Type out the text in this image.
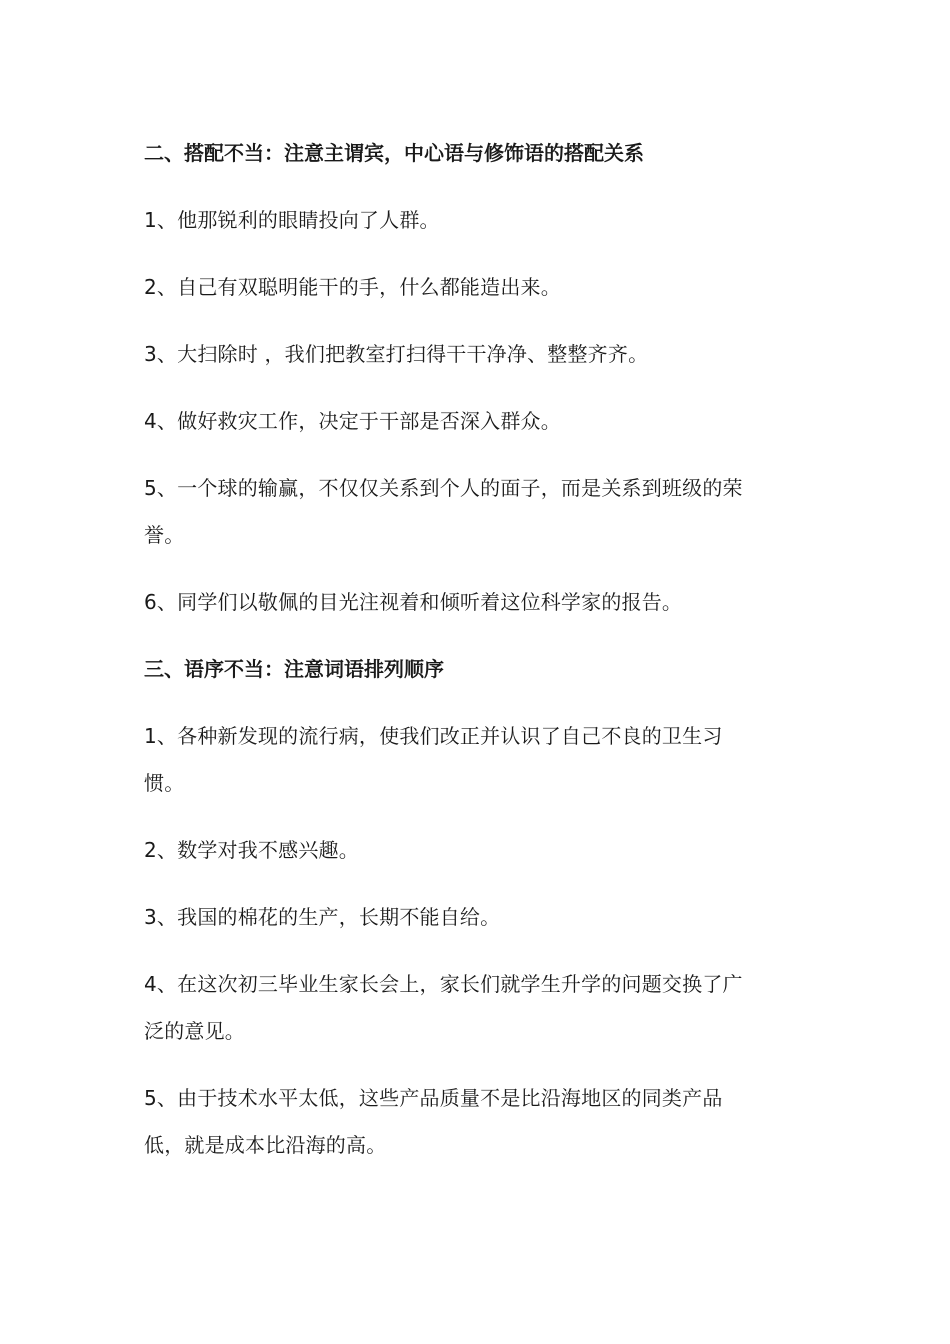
二、搭配不当：注意主谓宾，中心语与修饰语的搭配关系
1、他那锐利的眼睛投向了人群。
2、自己有双聪明能干的手，什么都能造出来。
3、大扫除时 ，我们把教室打扫得干干净净、整整齐齐。
4、做好救灾工作，决定于干部是否深入群众。
5、一个球的输赢，不仅仅关系到个人的面子，而是关系到班级的荣
誉。
6、同学们以敬佩的目光注视着和倾听着这位科学家的报告。
三、语序不当：注意词语排列顺序
1、各种新发现的流行病，使我们改正并认识了自己不良的卫生习
惯。
2、数学对我不感兴趣。
3、我国的棉花的生产，长期不能自给。
4、在这次初三毕业生家长会上，家长们就学生升学的问题交换了广
泛的意见。
5、由于技术水平太低，这些产品质量不是比沿海地区的同类产品
低，就是成本比沿海的高。
